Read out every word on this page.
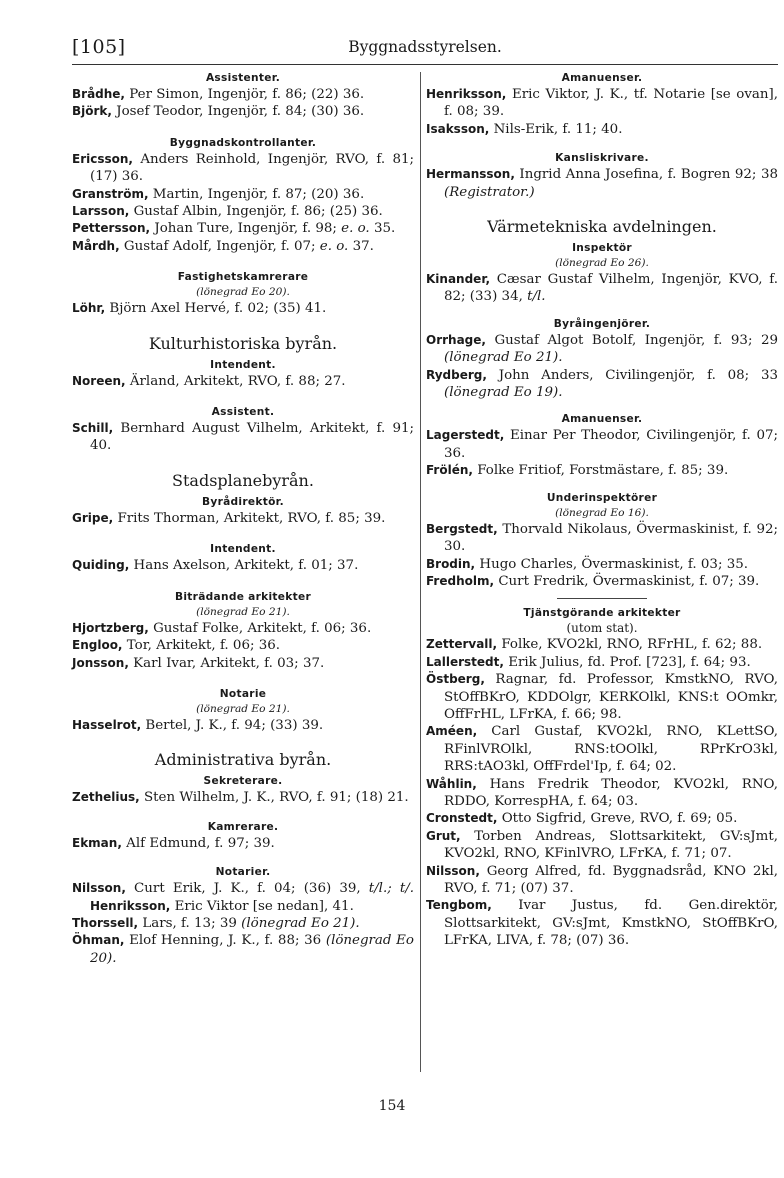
[105]	Byggnadsstyrelsen.
Assistenter.
Brådhe, Per Simon, Ingenjör, f. 86; (22) 36.
Björk, Josef Teodor, Ingenjör, f. 84; (30) 36.
Byggnadskontrollanter.
Ericsson, Anders Reinhold, Ingenjör, RVO, f. 81; (17) 36.
Granström, Martin, Ingenjör, f. 87; (20) 36.
Larsson, Gustaf Albin, Ingenjör, f. 86; (25) 36.
Pettersson, Johan Ture, Ingenjör, f. 98; e. o. 35.
Mårdh, Gustaf Adolf, Ingenjör, f. 07; e. o. 37.
Fastighetskamrerare
(lönegrad Eo 20).
Löhr, Björn Axel Hervé, f. 02; (35) 41.
Kulturhistoriska byrån.
Intendent.
Noreen, Ärland, Arkitekt, RVO, f. 88; 27.
Assistent.
Schill, Bernhard August Vilhelm, Arkitekt, f. 91; 40.
Stadsplanebyrån.
Byrådirektör.
Gripe, Frits Thorman, Arkitekt, RVO, f. 85; 39.
Intendent.
Quiding, Hans Axelson, Arkitekt, f. 01; 37.
Biträdande arkitekter
(lönegrad Eo 21).
Hjortzberg, Gustaf Folke, Arkitekt, f. 06; 36.
Engloo, Tor, Arkitekt, f. 06; 36.
Jonsson, Karl Ivar, Arkitekt, f. 03; 37.
Notarie
(lönegrad Eo 21).
Hasselrot, Bertel, J. K., f. 94; (33) 39.
Administrativa byrån.
Sekreterare.
Zethelius, Sten Wilhelm, J. K., RVO, f. 91; (18) 21.
Kamrerare.
Ekman, Alf Edmund, f. 97; 39.
Notarier.
Nilsson, Curt Erik, J. K., f. 04; (36) 39, t/l.; t/. Henriksson, Eric Viktor [se nedan], 41.
Thorssell, Lars, f. 13; 39 (lönegrad Eo 21).
Öhman, Elof Henning, J. K., f. 88; 36 (lönegrad Eo 20).
Amanuenser.
Henriksson, Eric Viktor, J. K., tf. Notarie [se ovan], f. 08; 39.
Isaksson, Nils-Erik, f. 11; 40.
Kansliskrivare.
Hermansson, Ingrid Anna Josefina, f. Bogren 92; 38 (Registrator.)
Värmetekniska avdelningen.
Inspektör
(lönegrad Eo 26).
Kinander, Cæsar Gustaf Vilhelm, Ingenjör, KVO, f. 82; (33) 34, t/l.
Byråingenjörer.
Orrhage, Gustaf Algot Botolf, Ingenjör, f. 93; 29 (lönegrad Eo 21).
Rydberg, John Anders, Civilingenjör, f. 08; 33 (lönegrad Eo 19).
Amanuenser.
Lagerstedt, Einar Per Theodor, Civilingenjör, f. 07; 36.
Frölén, Folke Fritiof, Forstmästare, f. 85; 39.
Underinspektörer
(lönegrad Eo 16).
Bergstedt, Thorvald Nikolaus, Övermaskinist, f. 92; 30.
Brodin, Hugo Charles, Övermaskinist, f. 03; 35.
Fredholm, Curt Fredrik, Övermaskinist, f. 07; 39.
Tjänstgörande arkitekter
(utom stat).
Zettervall, Folke, KVO2kl, RNO, RFrHL, f. 62; 88.
Lallerstedt, Erik Julius, fd. Prof. [723], f. 64; 93.
Östberg, Ragnar, fd. Professor, KmstkNO, RVO, StOffBKrO, KDDOlgr, KERKOlkl, KNS:t OOmkr, OffFrHL, LFrKA, f. 66; 98.
Améen, Carl Gustaf, KVO2kl, RNO, KLettSO, RFinlVROlkl, RNS:tOOlkl, RPrKrO3kl, RRS:tAO3kl, OffFrdel'Ip, f. 64; 02.
Wåhlin, Hans Fredrik Theodor, KVO2kl, RNO, RDDO, KorrespHA, f. 64; 03.
Cronstedt, Otto Sigfrid, Greve, RVO, f. 69; 05.
Grut, Torben Andreas, Slottsarkitekt, GV:sJmt, KVO2kl, RNO, KFinlVRO, LFrKA, f. 71; 07.
Nilsson, Georg Alfred, fd. Byggnadsråd, KNO 2kl, RVO, f. 71; (07) 37.
Tengbom, Ivar Justus, fd. Gen.direktör, Slottsarkitekt, GV:sJmt, KmstkNO, StOffBKrO, LFrKA, LIVA, f. 78; (07) 36.
154
